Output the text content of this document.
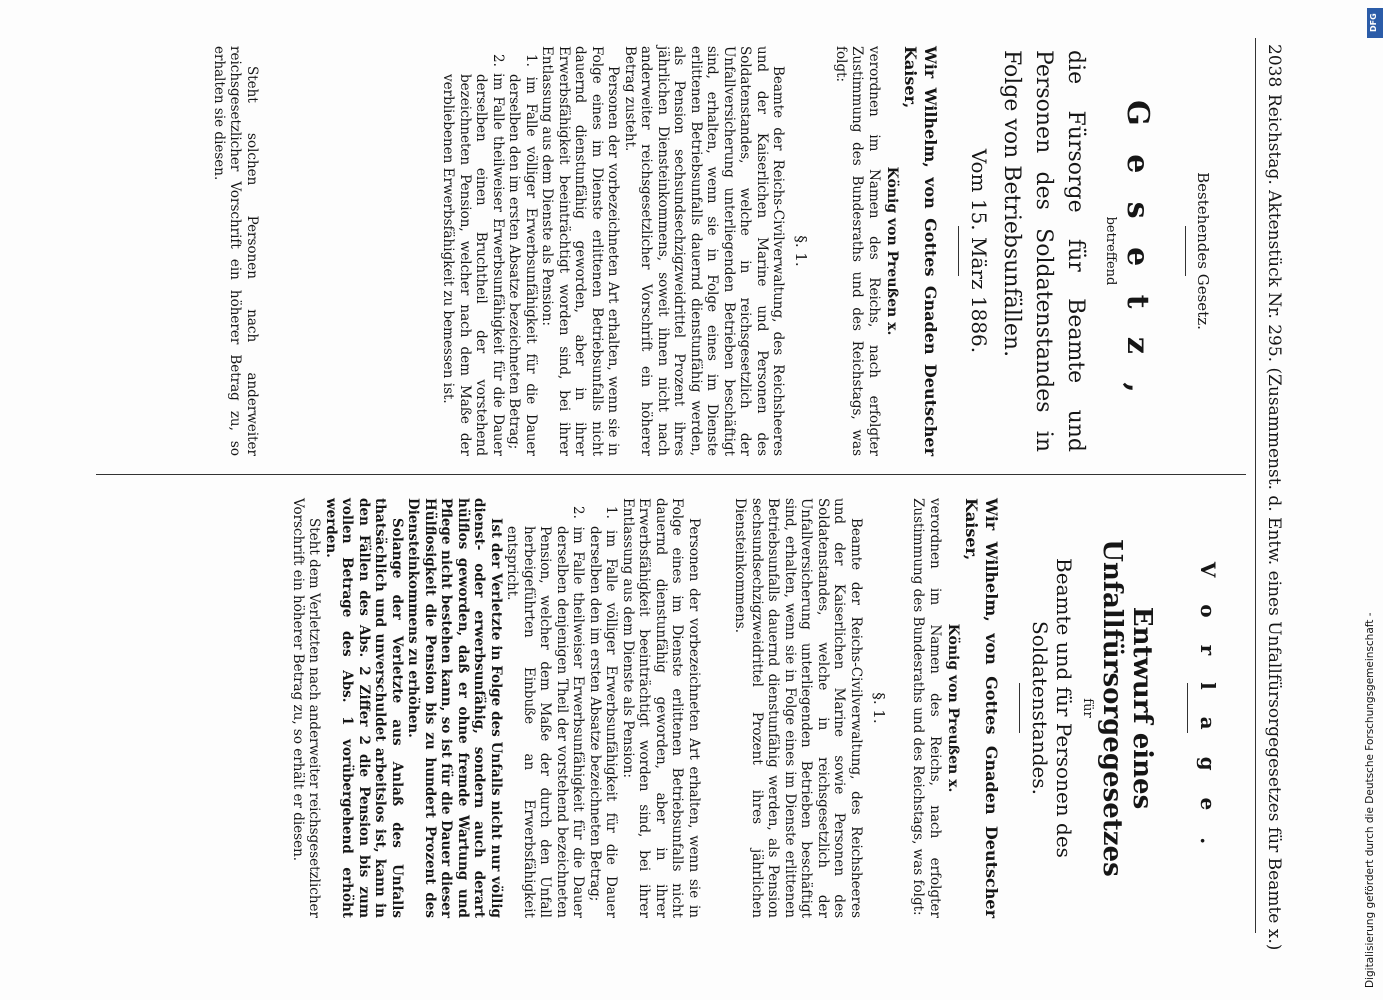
2038
Reichstag. Aktenstück Nr. 295. (Zusammenst. d. Entw. eines Unfallfürsorgegesetzes für Beamte x.)
Bestehendes Gesetz.
G e s e t z ,
betreffend
die Fürsorge für Beamte und Personen des Soldatenstandes in Folge von Betriebsunfällen.
Vom 15. März 1886.
Wir Wilhelm, von Gottes Gnaden Deutscher Kaiser,
König von Preußen x.

verordnen im Namen des Reichs, nach erfolgter Zustimmung des Bundesraths und des Reichstags, was folgt:

§. 1.

Beamte der Reichs-Civilverwaltung, des Reichsheeres und der Kaiserlichen Marine und Personen des Soldatenstandes, welche in reichsgesetzlich der Unfallversicherung unterliegenden Betrieben beschäftigt sind, erhalten, wenn sie in Folge eines im Dienste erlittenen Betriebsunfalls dauernd dienstunfähig werden, als Pension sechsundsechzigzweidrittel Prozent ihres jährlichen Diensteinkommens, soweit ihnen nicht nach anderweiter reichsgesetzlicher Vorschrift ein höherer Betrag zusteht.

Personen der vorbezeichneten Art erhalten, wenn sie in Folge eines im Dienste erlittenen Betriebsunfalls nicht dauernd dienstunfähig geworden, aber in ihrer Erwerbsfähigkeit beeinträchtigt worden sind, bei ihrer Entlassung aus dem Dienste als Pension:

1. im Falle völliger Erwerbsunfähigkeit für die Dauer derselben den im ersten Absatze bezeichneten Betrag;

2. im Falle theilweiser Erwerbsunfähigkeit für die Dauer derselben einen Bruchtheil der vorstehend bezeichneten Pension, welcher nach dem Maße der verbliebenen Erwerbsfähigkeit zu bemessen ist.

Steht solchen Personen nach anderweiter reichsgesetzlicher Vorschrift ein höherer Betrag zu, so erhalten sie diesen.

V o r l a g e .
Entwurf eines Unfallfürsorgegesetzes
für
Beamte und für Personen des Soldatenstandes.
Wir Wilhelm, von Gottes Gnaden Deutscher Kaiser,
König von Preußen x.

verordnen im Namen des Reichs, nach erfolgter Zustimmung des Bundesraths und des Reichstags, was folgt:

§. 1.

Beamte der Reichs-Civilverwaltung, des Reichsheeres und der Kaiserlichen Marine sowie Personen des Soldatenstandes, welche in reichsgesetzlich der Unfallversicherung unterliegenden Betrieben beschäftigt sind, erhalten, wenn sie in Folge eines im Dienste erlittenen Betriebsunfalls dauernd dienstunfähig werden, als Pension sechsundsechzigzweidrittel Prozent ihres jährlichen Diensteinkommens.

Personen der vorbezeichneten Art erhalten, wenn sie in Folge eines im Dienste erlittenen Betriebsunfalls nicht dauernd dienstunfähig geworden, aber in ihrer Erwerbsfähigkeit beeinträchtigt worden sind, bei ihrer Entlassung aus dem Dienste als Pension:

1. im Falle völliger Erwerbsunfähigkeit für die Dauer derselben den im ersten Absatze bezeichneten Betrag;

2. im Falle theilweiser Erwerbsunfähigkeit für die Dauer derselben denjenigen Theil der vorstehend bezeichneten Pension, welcher dem Maße der durch den Unfall herbeigeführten Einbuße an Erwerbsfähigkeit entspricht.

Ist der Verletzte in Folge des Unfalls nicht nur völlig dienst- oder erwerbsunfähig, sondern auch derart hülflos geworden, daß er ohne fremde Wartung und Pflege nicht bestehen kann, so ist für die Dauer dieser Hülflosigkeit die Pension bis zu hundert Prozent des Diensteinkommens zu erhöhen.

Solange der Verletzte aus Anlaß des Unfalls thatsächlich und unverschuldet arbeitslos ist, kann in den Fällen des Abs. 2 Ziffer 2 die Pension bis zum vollen Betrage des Abs. 1 vorübergehend erhöht werden.

Steht dem Verletzten nach anderweiter reichsgesetzlicher Vorschrift ein höherer Betrag zu, so erhält er diesen.

DFG
Digitalisierung gefördert durch die Deutsche Forschungsgemeinschaft -
